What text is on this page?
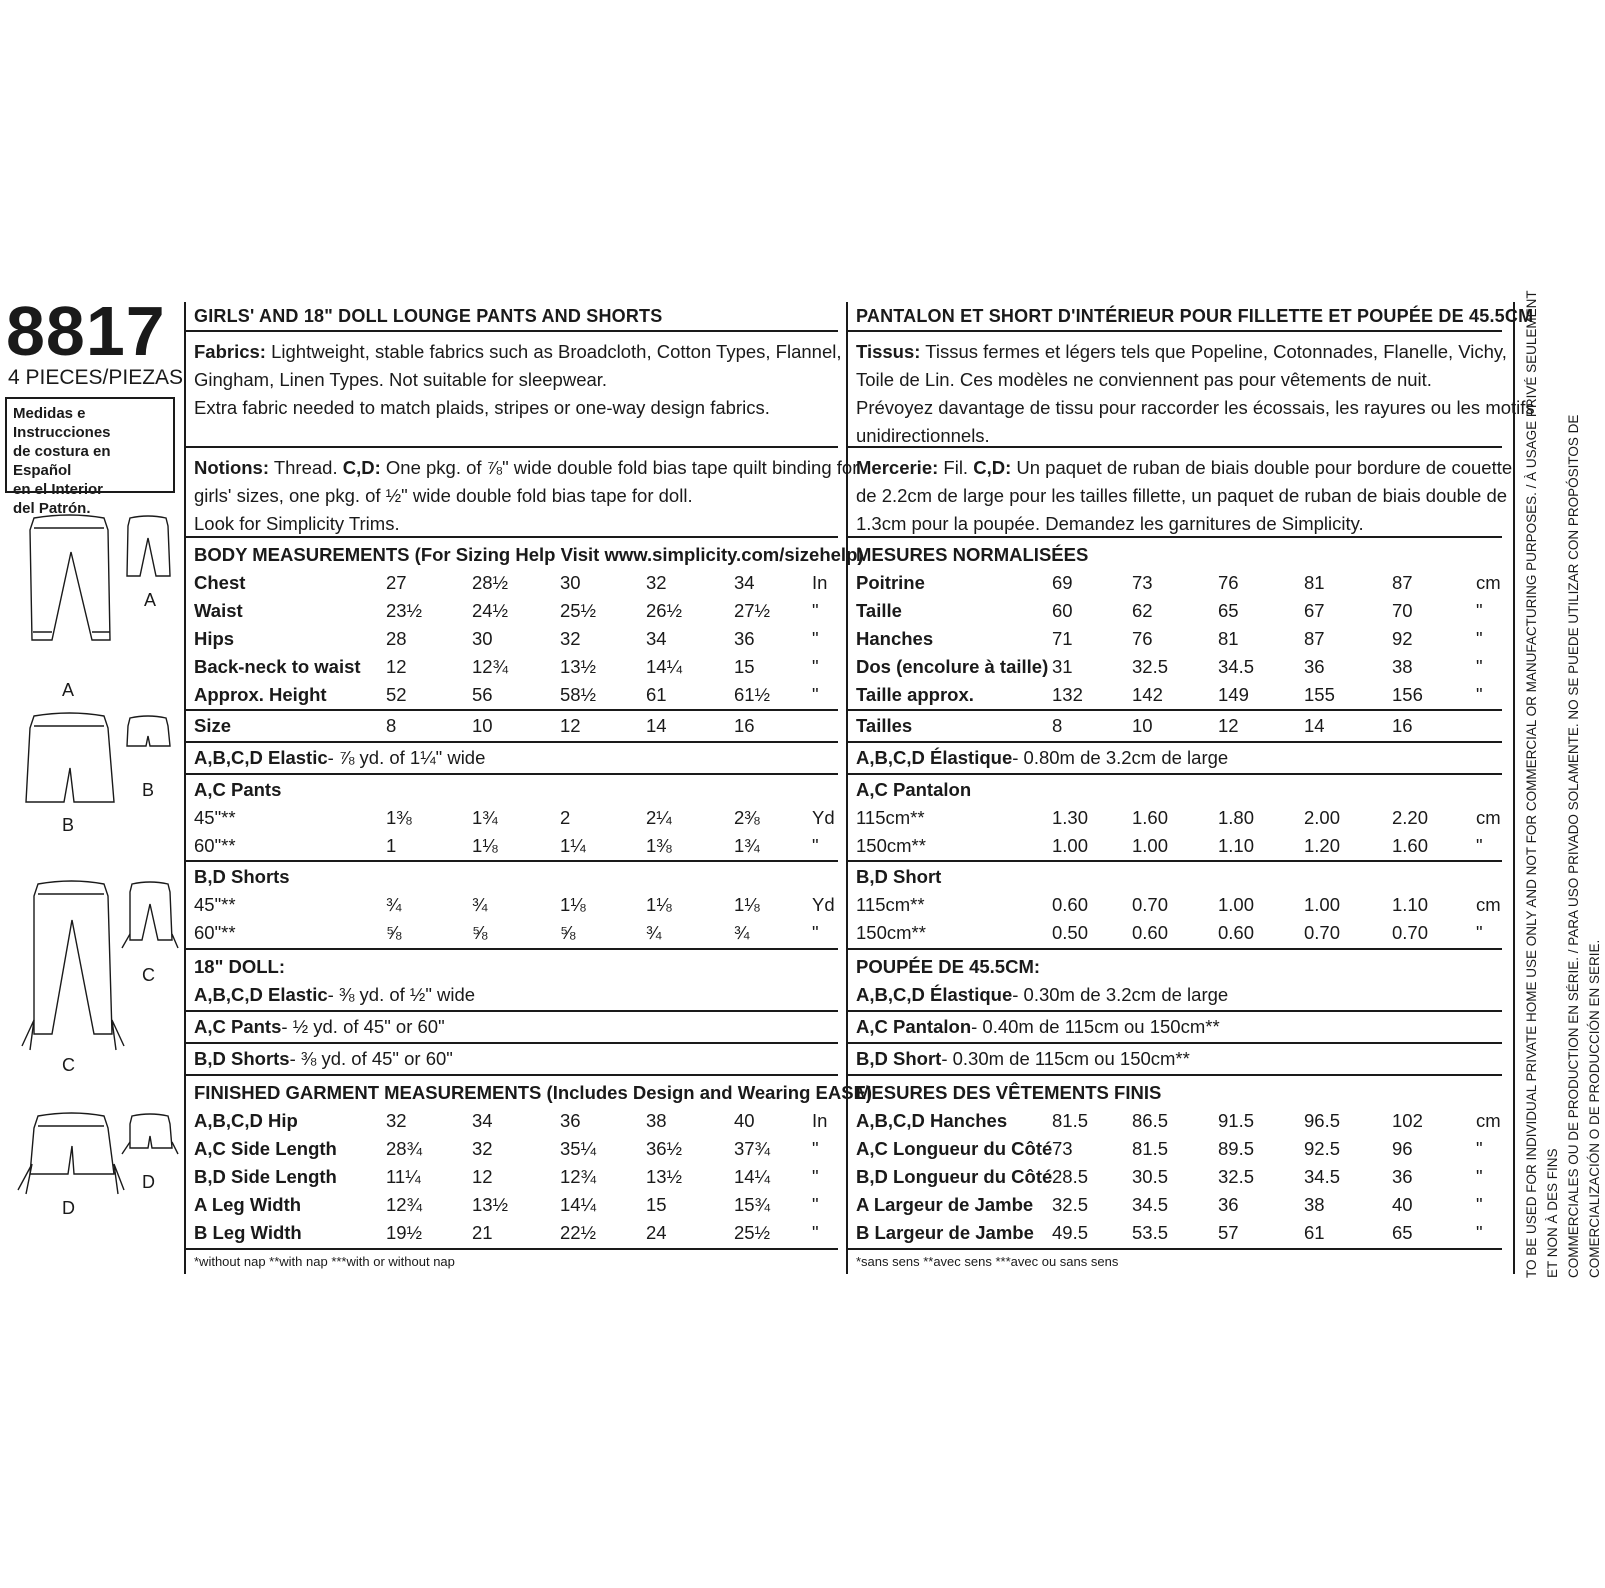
8817
4 PIECES/PIEZAS
Medidas e Instrucciones
de costura en Español
en el Interior
del Patrón.
A
A
B
B
C
C
D
D
GIRLS' AND 18" DOLL LOUNGE PANTS AND SHORTS
Fabrics: Lightweight, stable fabrics such as Broadcloth, Cotton Types, Flannel,
Gingham, Linen Types. Not suitable for sleepwear.
Extra fabric needed to match plaids, stripes or one-way design fabrics.
Notions: Thread. C,D: One pkg. of ⅞" wide double fold bias tape quilt binding for
girls' sizes, one pkg. of ½" wide double fold bias tape for doll.
Look for Simplicity Trims.
BODY MEASUREMENTS (For Sizing Help Visit www.simplicity.com/sizehelp)
Chest	27	28½	30	32	34	In
Waist	23½	24½	25½	26½	27½ "
Hips	28	30	32	34	36	"
Back-neck to waist 12	12¾	13½	14¼	15	"
Approx. Height	52	56	58½	61	61½ "
Size	8	10	12	14	16
A,B,C,D Elastic- ⅞ yd. of 1¼" wide
A,C Pants
45"**	1⅜	1¾	2	2¼	2⅜	Yd
60"**	1	1⅛	1¼	1⅜	1¾	"
B,D Shorts
45"**	¾	¾	1⅛	1⅛	1⅛	Yd
60"**	⅝	⅝	⅝	¾	¾	"
18" DOLL:
A,B,C,D Elastic- ⅜ yd. of ½" wide
A,C Pants- ½ yd. of 45" or 60"
B,D Shorts- ⅜ yd. of 45" or 60"
FINISHED GARMENT MEASUREMENTS (Includes Design and Wearing EASE)
A,B,C,D Hip	32	34	36	38	40	In
A,C Side Length	28¾	32	35¼	36½	37¾ "
B,D Side Length	11¼	12	12¾	13½	14¼ "
A Leg Width	12¾	13½	14¼	15	15¾ "
B Leg Width	19½	21	22½	24	25½ "
*without nap **with nap ***with or without nap
PANTALON ET SHORT D'INTÉRIEUR POUR FILLETTE ET POUPÉE DE 45.5CM
Tissus: Tissus fermes et légers tels que Popeline, Cotonnades, Flanelle, Vichy,
Toile de Lin. Ces modèles ne conviennent pas pour vêtements de nuit.
Prévoyez davantage de tissu pour raccorder les écossais, les rayures ou les motifs
unidirectionnels.
Mercerie: Fil. C,D: Un paquet de ruban de biais double pour bordure de couette
de 2.2cm de large pour les tailles fillette, un paquet de ruban de biais double de
1.3cm pour la poupée. Demandez les garnitures de Simplicity.
MESURES NORMALISÉES
Poitrine	69	73	76	81	87	cm
Taille	60	62	65	67	70	"
Hanches	71	76	81	87	92	"
Dos (encolure à taille) 31	32.5	34.5	36	38	"
Taille approx.	132	142	149	155	156	"
Tailles	8	10	12	14	16
A,B,C,D Élastique- 0.80m de 3.2cm de large
A,C Pantalon
115cm**	1.30 1.60	1.80	2.00	2.20	cm
150cm**	1.00 1.00	1.10	1.20	1.60	"
B,D Short
115cm**	0.60 0.70	1.00	1.00	1.10	cm
150cm**	0.50 0.60	0.60	0.70	0.70	"
POUPÉE DE 45.5CM:
A,B,C,D Élastique- 0.30m de 3.2cm de large
A,C Pantalon- 0.40m de 115cm ou 150cm**
B,D Short- 0.30m de 115cm ou 150cm**
MESURES DES VÊTEMENTS FINIS
A,B,C,D Hanches 81.5 86.5	91.5	96.5	102	cm
A,C Longueur du Côté 73	81.5	89.5	92.5	96	"
B,D Longueur du Côté 28.5 30.5	32.5	34.5	36	"
A Largeur de Jambe 32.5 34.5	36	38	40	"
B Largeur de Jambe 49.5 53.5	57	61	65	"
*sans sens **avec sens ***avec ou sans sens	TO BE USED FOR INDIVIDUAL PRIVATE HOME USE ONLY AND NOT FOR COMMERCIAL OR MANUFACTURING PURPOSES. / À USAGE PRIVÉ SEULEMENT ET NON À DES FINS COMMERCIALES OU DE PRODUCTION EN SÉRIE. / PARA USO PRIVADO SOLAMENTE. NO SE PUEDE UTILIZAR CON PROPÓSITOS DE COMERCIALIZACIÓN O DE PRODUCCIÓN EN SERIE.
